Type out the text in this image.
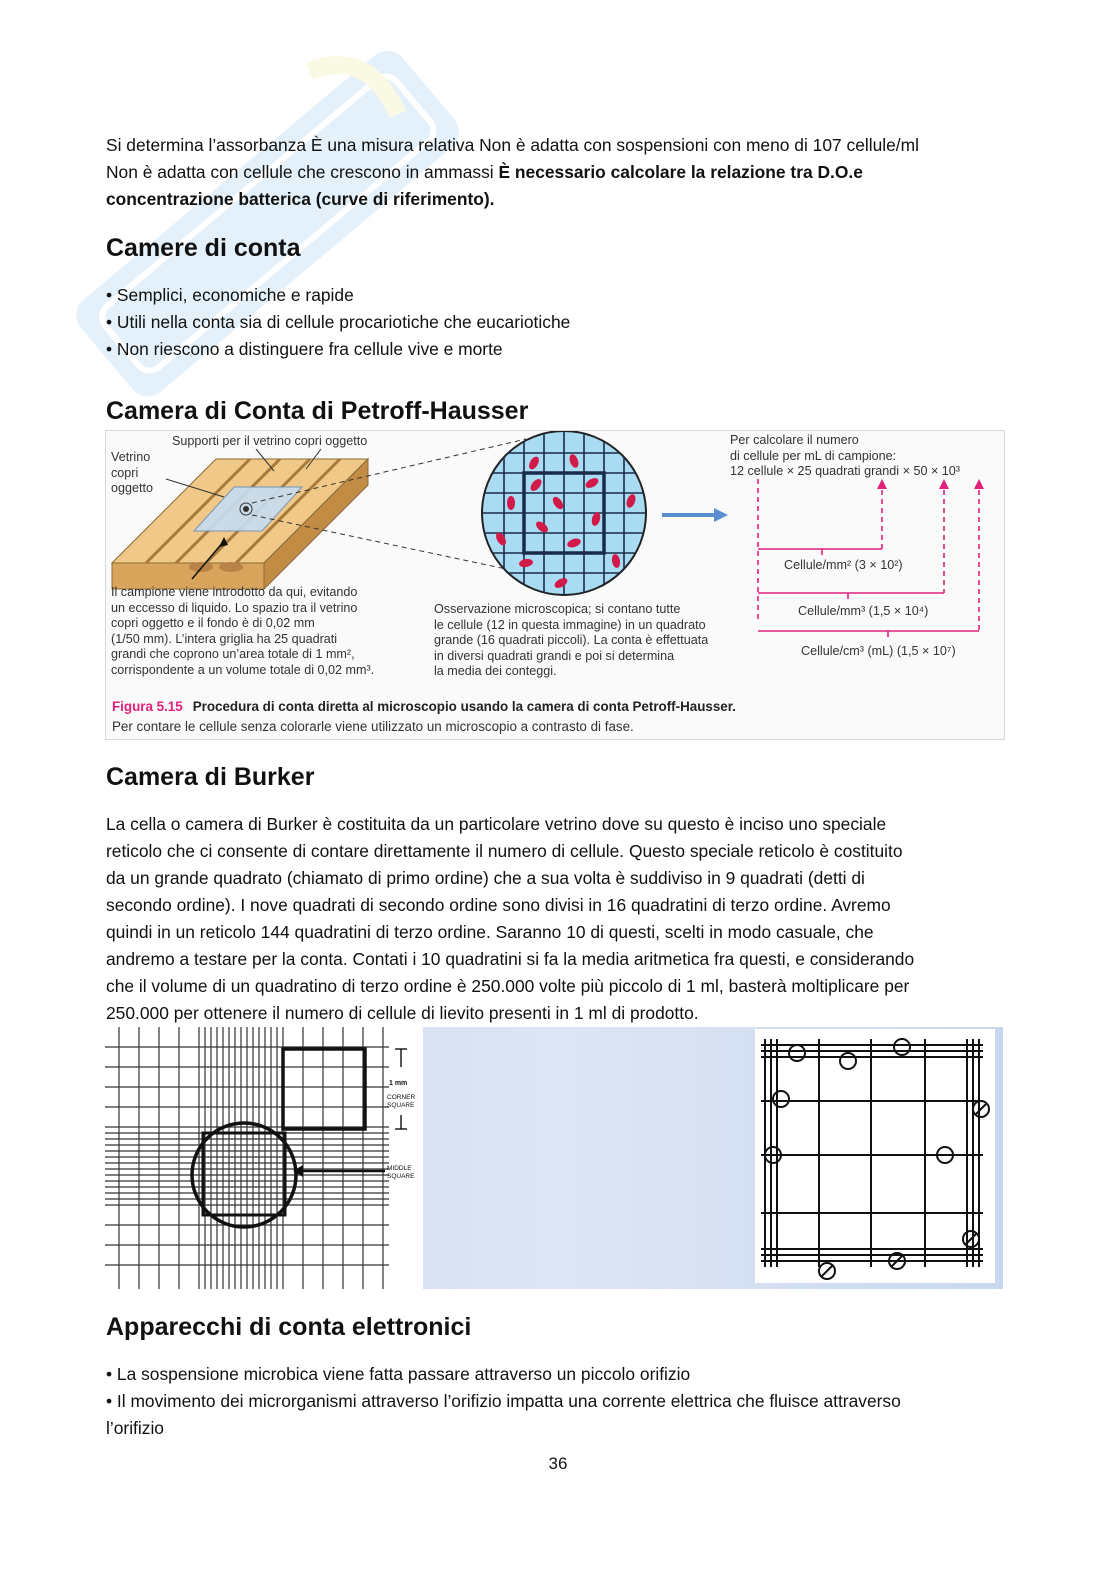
Si determina l’assorbanza È una misura relativa Non è adatta con sospensioni con meno di 107 cellule/ml
Non è adatta con cellule che crescono in ammassi È necessario calcolare la relazione tra D.O.e
concentrazione batterica (curve di riferimento).

Camere di conta
• Semplici, economiche e rapide
• Utili nella conta sia di cellule procariotiche che eucariotiche
• Non riescono a distinguere fra cellule vive e morte
Camera di Conta di Petroff-Hausser
Supporti per il vetrino copri oggetto
Vetrino
copri
oggetto
Il campione viene introdotto da qui, evitando
un eccesso di liquido. Lo spazio tra il vetrino
copri oggetto e il fondo è di 0,02 mm
(1/50 mm). L’intera griglia ha 25 quadrati
grandi che coprono un’area totale di 1 mm²,
corrispondente a un volume totale di 0,02 mm³.
Osservazione microscopica; si contano tutte
le cellule (12 in questa immagine) in un quadrato
grande (16 quadrati piccoli). La conta è effettuata
in diversi quadrati grandi e poi si determina
la media dei conteggi.
Per calcolare il numero
di cellule per mL di campione:
12 cellule × 25 quadrati grandi × 50 × 10³
Cellule/mm² (3 × 10²)
Cellule/mm³ (1,5 × 10⁴)
Cellule/cm³ (mL) (1,5 × 10⁷)
Figura 5.15 Procedura di conta diretta al microscopio usando la camera di conta Petroff-Hausser.
Per contare le cellule senza colorarle viene utilizzato un microscopio a contrasto di fase.
Camera di Burker

La cella o camera di Burker è costituita da un particolare vetrino dove su questo è inciso uno speciale
reticolo che ci consente di contare direttamente il numero di cellule. Questo speciale reticolo è costituito
da un grande quadrato (chiamato di primo ordine) che a sua volta è suddiviso in 9 quadrati (detti di
secondo ordine). I nove quadrati di secondo ordine sono divisi in 16 quadratini di terzo ordine. Avremo
quindi in un reticolo 144 quadratini di terzo ordine. Saranno 10 di questi, scelti in modo casuale, che
andremo a testare per la conta. Contati i 10 quadratini si fa la media aritmetica fra questi, e considerando
che il volume di un quadratino di terzo ordine è 250.000 volte più piccolo di 1 ml, basterà moltiplicare per
250.000 per ottenere il numero di cellule di lievito presenti in 1 ml di prodotto.

1 mm
CORNER
SQUARE
MIDDLE
SQUARE
Apparecchi di conta elettronici
• La sospensione microbica viene fatta passare attraverso un piccolo orifizio
• Il movimento dei microrganismi attraverso l’orifizio impatta una corrente elettrica che fluisce attraverso

l’orifizio

36
